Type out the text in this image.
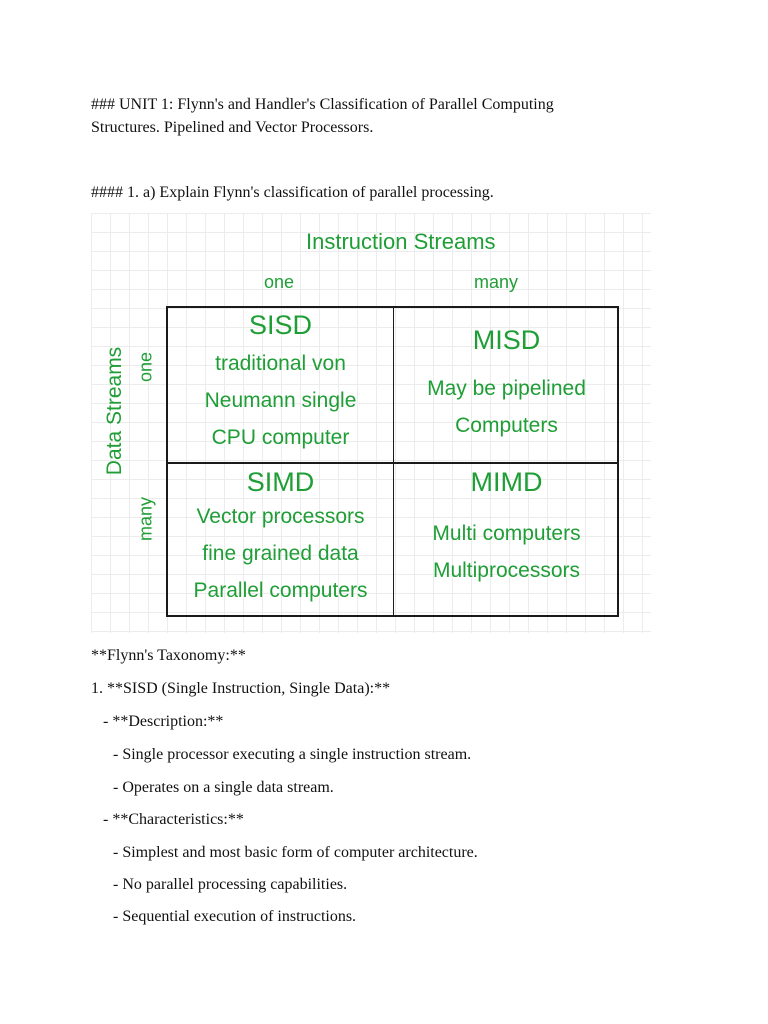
### UNIT 1: Flynn's and Handler's Classification of Parallel Computing
Structures. Pipelined and Vector Processors.
#### 1. a) Explain Flynn's classification of parallel processing.
Instruction Streams
one	many
Data Streams one
many
SISD
traditional von
Neumann single
CPU computer
MISD
May be pipelined
Computers
SIMD
Vector processors
fine grained data
Parallel computers
MIMD
Multi computers
Multiprocessors
**Flynn's Taxonomy:**
1. **SISD (Single Instruction, Single Data):**
- **Description:**
- Single processor executing a single instruction stream.
- Operates on a single data stream.
- **Characteristics:**
- Simplest and most basic form of computer architecture.
- No parallel processing capabilities.
- Sequential execution of instructions.
